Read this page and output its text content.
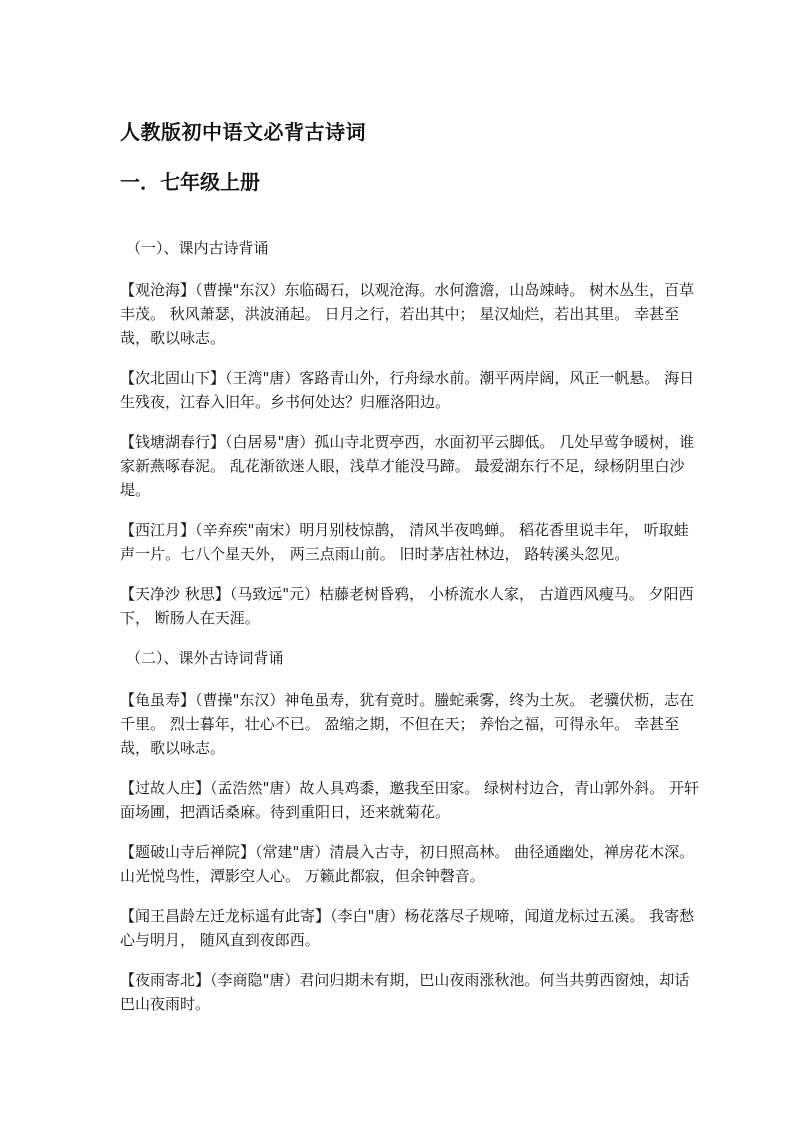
人教版初中语文必背古诗词
一．七年级上册
（一）、课内古诗背诵
【观沧海】（曹操"东汉）东临碣石，以观沧海。水何澹澹，山岛竦峙。 树木丛生，百草丰茂。 秋风萧瑟，洪波涌起。 日月之行，若出其中； 星汉灿烂，若出其里。 幸甚至哉，歌以咏志。
【次北固山下】（王湾"唐）客路青山外，行舟绿水前。潮平两岸阔，风正一帆悬。 海日生残夜，江春入旧年。乡书何处达？归雁洛阳边。
【钱塘湖春行】（白居易"唐）孤山寺北贾亭西，水面初平云脚低。 几处早莺争暖树，谁家新燕啄春泥。 乱花渐欲迷人眼，浅草才能没马蹄。 最爱湖东行不足，绿杨阴里白沙堤。
【西江月】（辛弃疾"南宋）明月别枝惊鹊， 清风半夜鸣蝉。 稻花香里说丰年， 听取蛙声一片。七八个星天外， 两三点雨山前。 旧时茅店社林边， 路转溪头忽见。
【天净沙 秋思】（马致远"元）枯藤老树昏鸦， 小桥流水人家， 古道西风瘦马。 夕阳西下， 断肠人在天涯。
（二）、课外古诗词背诵
【龟虽寿】（曹操"东汉）神龟虽寿，犹有竟时。螣蛇乘雾，终为土灰。 老骥伏枥，志在千里。 烈士暮年，壮心不已。 盈缩之期，不但在天； 养怡之福，可得永年。 幸甚至哉，歌以咏志。
【过故人庄】（孟浩然"唐）故人具鸡黍，邀我至田家。 绿树村边合，青山郭外斜。 开轩面场圃，把酒话桑麻。待到重阳日，还来就菊花。
【题破山寺后禅院】（常建"唐）清晨入古寺，初日照高林。 曲径通幽处，禅房花木深。 山光悦鸟性，潭影空人心。 万籁此都寂，但余钟磬音。
【闻王昌龄左迁龙标遥有此寄】（李白"唐）杨花落尽子规啼，闻道龙标过五溪。 我寄愁心与明月， 随风直到夜郎西。
【夜雨寄北】（李商隐"唐）君问归期未有期，巴山夜雨涨秋池。何当共剪西窗烛，却话巴山夜雨时。
